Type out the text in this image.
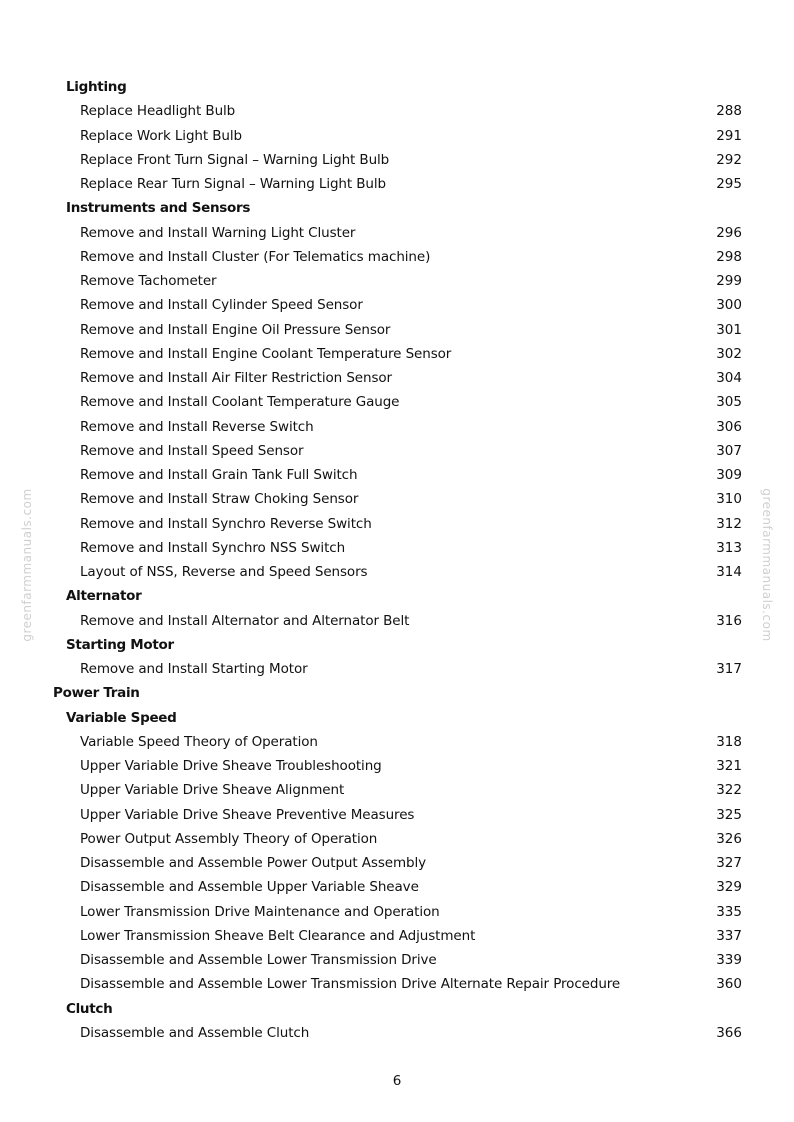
Lighting
Replace Headlight Bulb	288
Replace Work Light Bulb	291
Replace Front Turn Signal – Warning Light Bulb	292
Replace Rear Turn Signal – Warning Light Bulb	295
Instruments and Sensors
Remove and Install Warning Light Cluster	296
Remove and Install Cluster (For Telematics machine)	298
Remove Tachometer	299
Remove and Install Cylinder Speed Sensor	300
Remove and Install Engine Oil Pressure Sensor	301
Remove and Install Engine Coolant Temperature Sensor	302
Remove and Install Air Filter Restriction Sensor	304
Remove and Install Coolant Temperature Gauge	305
Remove and Install Reverse Switch	306
Remove and Install Speed Sensor	307
Remove and Install Grain Tank Full Switch	309
Remove and Install Straw Choking Sensor	310
Remove and Install Synchro Reverse Switch	312
Remove and Install Synchro NSS Switch	313
Layout of NSS, Reverse and Speed Sensors	314
Alternator
Remove and Install Alternator and Alternator Belt	316
Starting Motor
Remove and Install Starting Motor	317
Power Train
Variable Speed
Variable Speed Theory of Operation	318
Upper Variable Drive Sheave Troubleshooting	321
Upper Variable Drive Sheave Alignment	322
Upper Variable Drive Sheave Preventive Measures	325
Power Output Assembly Theory of Operation	326
Disassemble and Assemble Power Output Assembly	327
Disassemble and Assemble Upper Variable Sheave	329
Lower Transmission Drive Maintenance and Operation	335
Lower Transmission Sheave Belt Clearance and Adjustment	337
Disassemble and Assemble Lower Transmission Drive	339
Disassemble and Assemble Lower Transmission Drive Alternate Repair Procedure	360
Clutch
Disassemble and Assemble Clutch	366
6
greenfarmmanuals.com	greenfarmmanuals.com
